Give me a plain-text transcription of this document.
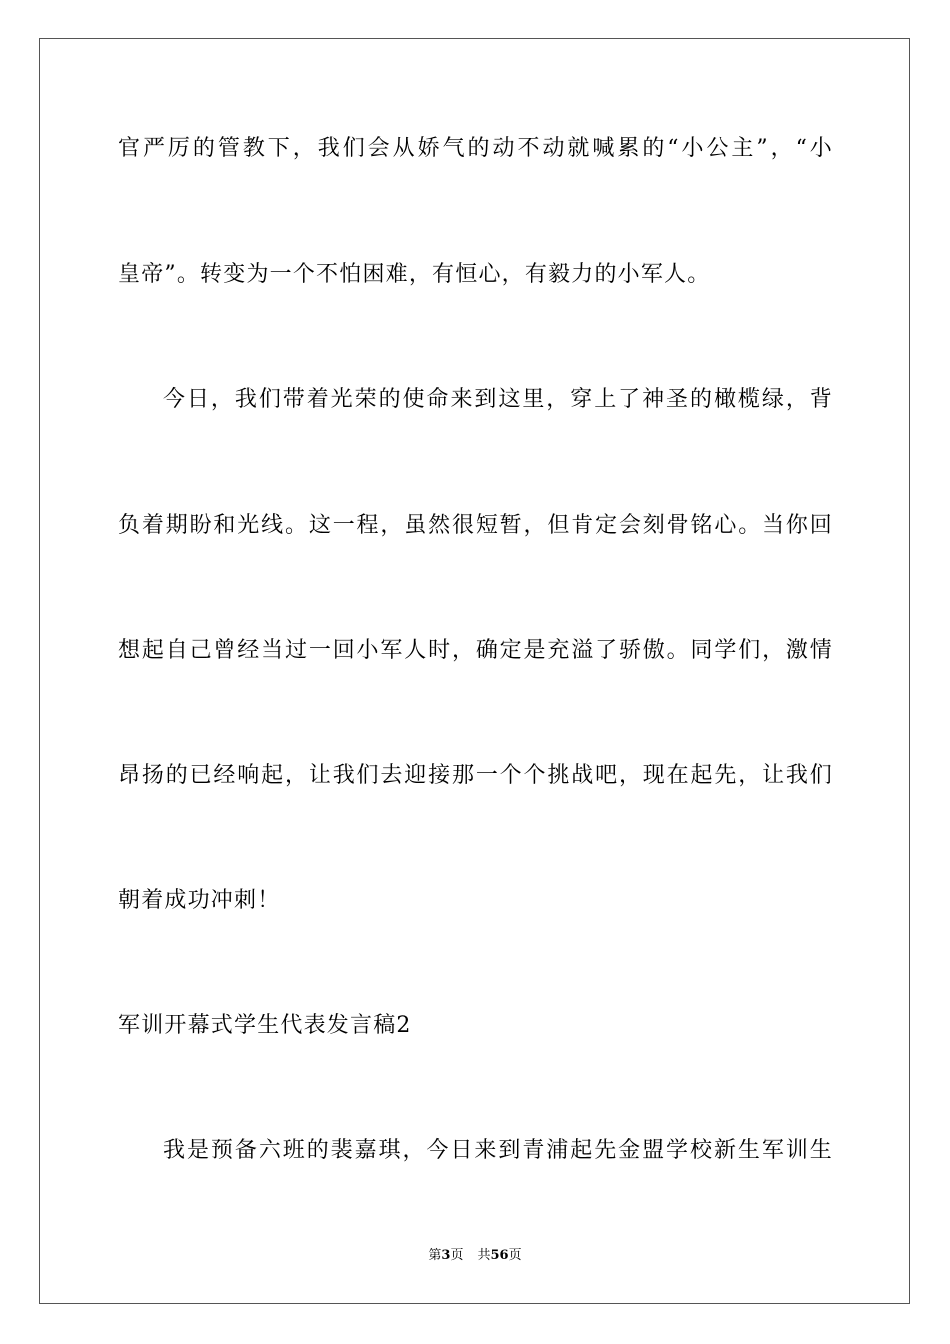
官严厉的管教下，我们会从娇气的动不动就喊累的“小公主”，“小
皇帝”。转变为一个不怕困难，有恒心，有毅力的小军人。
今日，我们带着光荣的使命来到这里，穿上了神圣的橄榄绿，背
负着期盼和光线。这一程，虽然很短暂，但肯定会刻骨铭心。当你回
想起自己曾经当过一回小军人时，确定是充溢了骄傲。同学们，激情
昂扬的已经响起，让我们去迎接那一个个挑战吧，现在起先，让我们
朝着成功冲刺！
军训开幕式学生代表发言稿2
我是预备六班的裴嘉琪，今日来到青浦起先金盟学校新生军训生
第3页 共56页
